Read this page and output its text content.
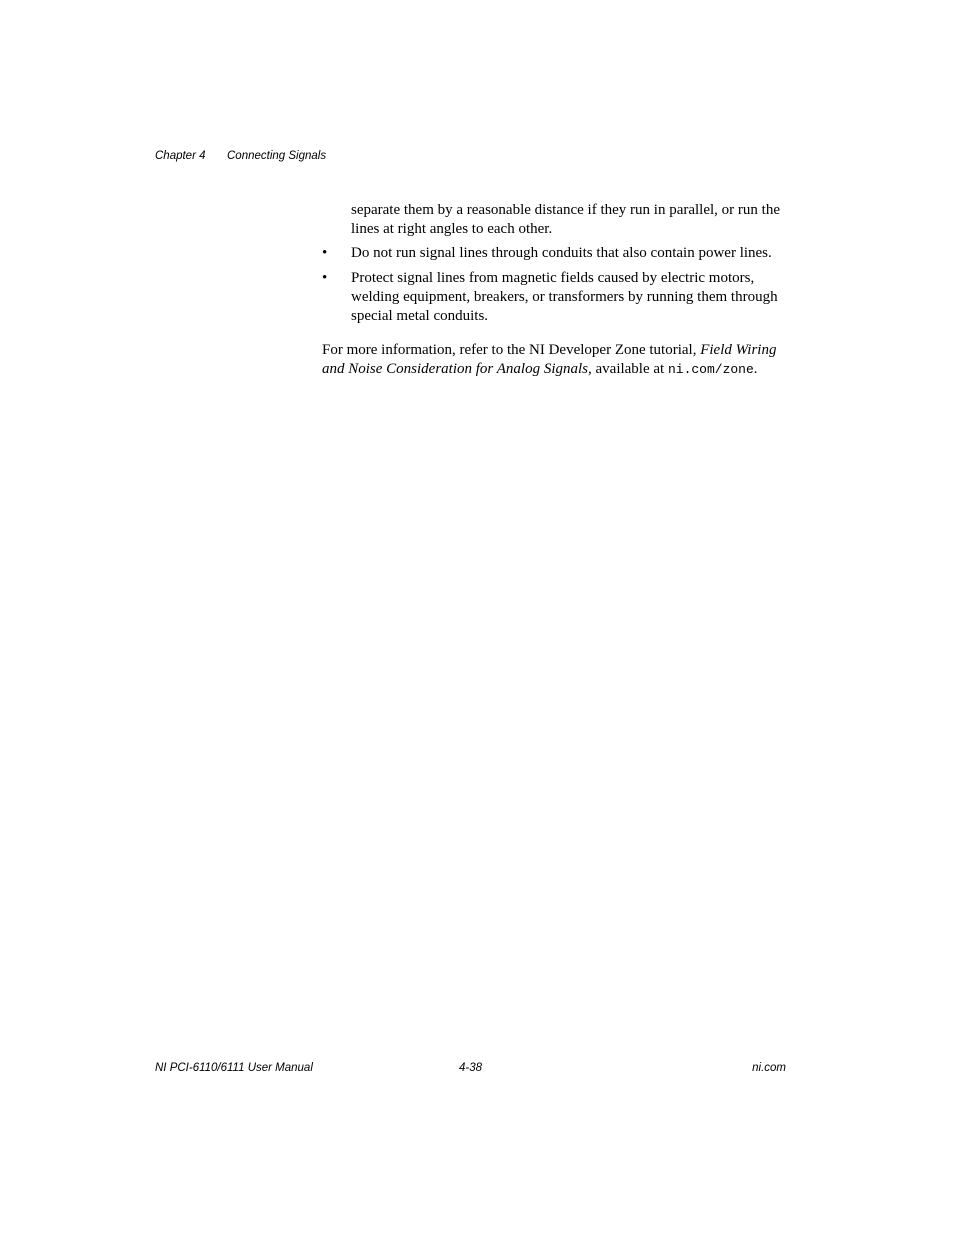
Chapter 4 Connecting Signals

separate them by a reasonable distance if they run in parallel, or run the lines at right angles to each other.

• Do not run signal lines through conduits that also contain power lines.
• Protect signal lines from magnetic fields caused by electric motors, welding equipment, breakers, or transformers by running them through special metal conduits.

For more information, refer to the NI Developer Zone tutorial, Field Wiring and Noise Consideration for Analog Signals, available at ni.com/zone.

NI PCI-6110/6111 User Manual	4-38	ni.com
